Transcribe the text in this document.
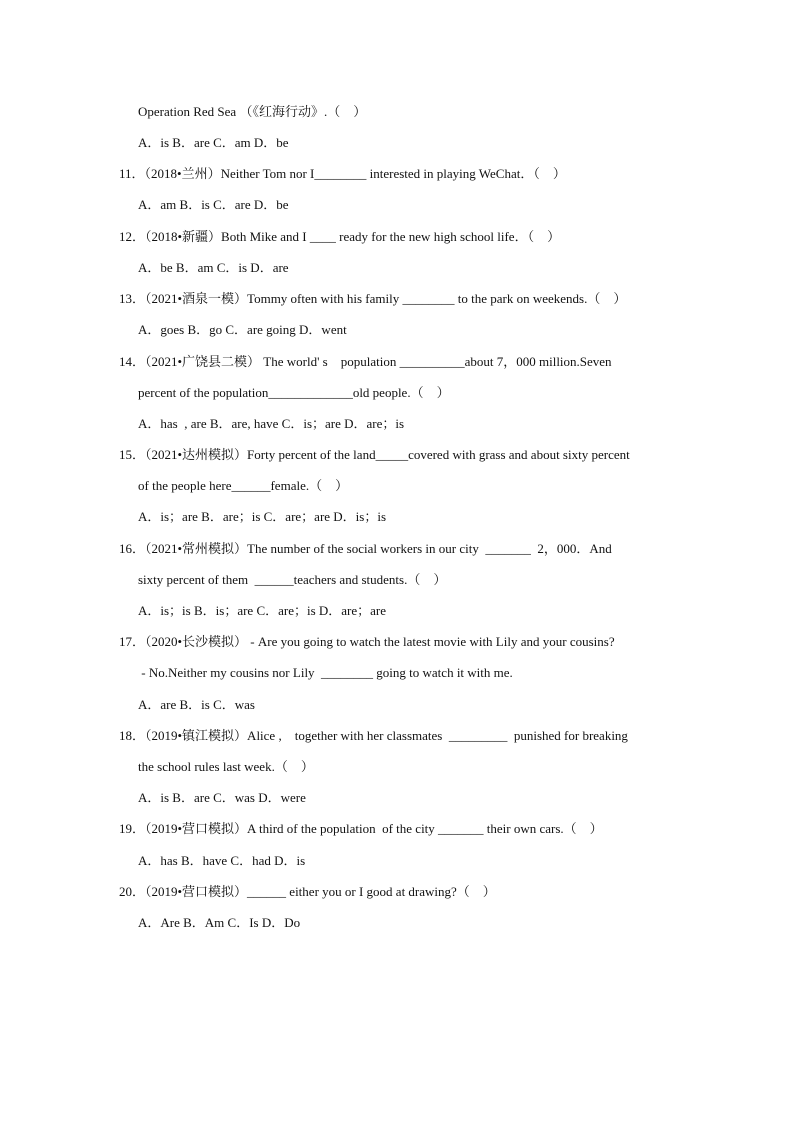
Operation Red Sea （《红海行动》.（    ）
A．is B．are C．am D．be
11．（2018•兰州）Neither Tom nor I________ interested in playing WeChat．（    ）
A．am B．is C．are D．be
12．（2018•新疆）Both Mike and I ____ ready for the new high school life．（    ）
A．be B．am C．is D．are
13．（2021•酒泉一模）Tommy often with his family ________ to the park on weekends.（    ）
A．goes B．go C．are going D．went
14．（2021•广饶县二模） The world' s    population __________about 7，000 million.Seven
percent of the population_____________old people.（    ）
A．has  , are B．are, have C．is；are D．are；is
15．（2021•达州模拟）Forty percent of the land_____covered with grass and about sixty percent
of the people here______female.（    ）
A．is；are B．are；is C．are；are D．is；is
16．（2021•常州模拟）The number of the social workers in our city  _______  2，000．And
sixty percent of them  ______teachers and students.（    ）
A．is；is B．is；are C．are；is D．are；are
17．（2020•长沙模拟） - Are you going to watch the latest movie with Lily and your cousins?
- No.Neither my cousins nor Lily  ________ going to watch it with me.
A．are B．is C．was
18．（2019•镇江模拟）Alice ,    together with her classmates  _________  punished for breaking
the school rules last week.（    ）
A．is B．are C．was D．were
19．（2019•营口模拟）A third of the population  of the city _______ their own cars.（    ）
A．has B．have C．had D．is
20．（2019•营口模拟）______ either you or I good at drawing?（    ）
A．Are B．Am C．Is D．Do
